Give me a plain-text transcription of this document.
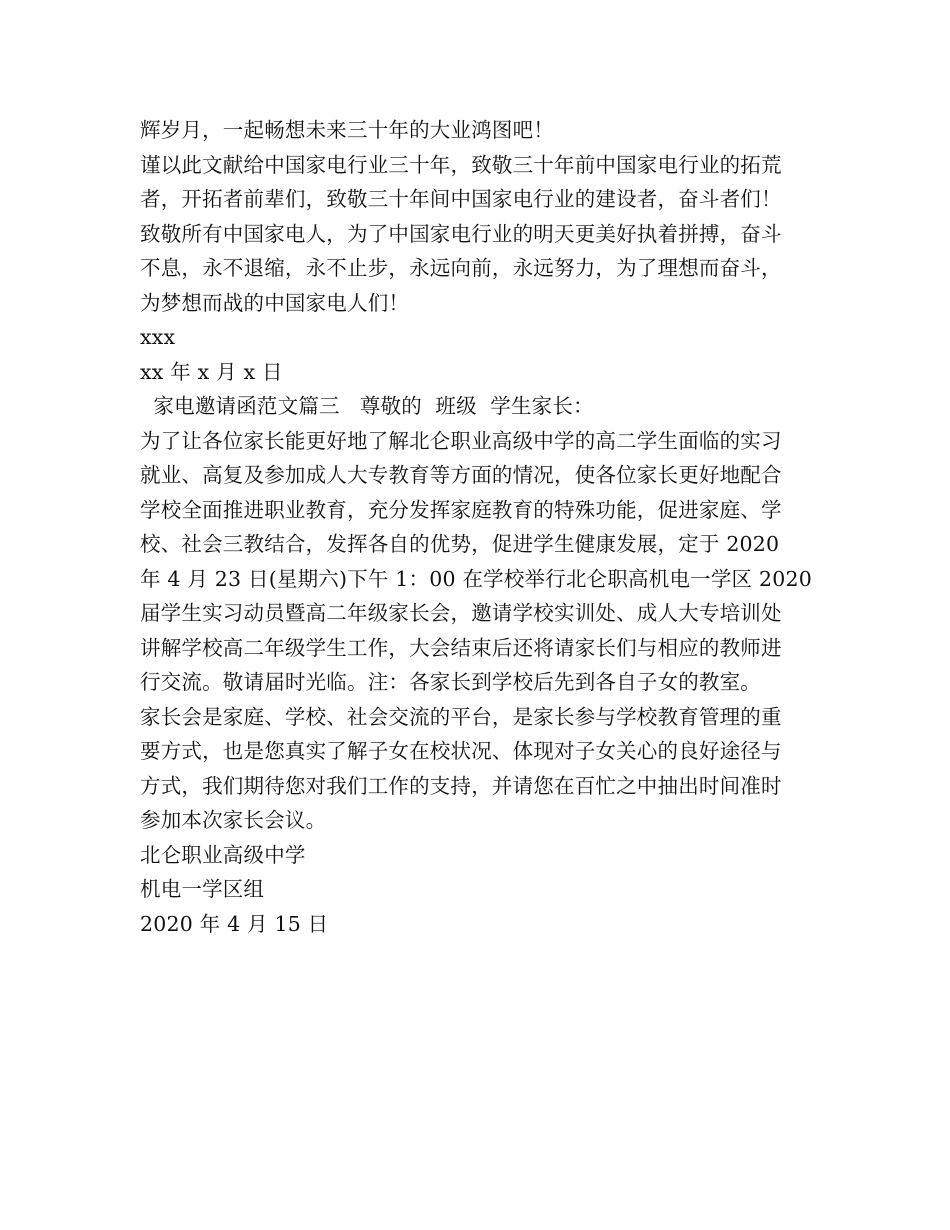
辉岁月，一起畅想未来三十年的大业鸿图吧！
谨以此文献给中国家电行业三十年，致敬三十年前中国家电行业的拓荒
者，开拓者前辈们，致敬三十年间中国家电行业的建设者，奋斗者们！
致敬所有中国家电人，为了中国家电行业的明天更美好执着拼搏，奋斗
不息，永不退缩，永不止步，永远向前，永远努力，为了理想而奋斗，
为梦想而战的中国家电人们！
xxx
xx 年 x 月 x 日
家电邀请函范文篇三   尊敬的  班级  学生家长：
为了让各位家长能更好地了解北仑职业高级中学的高二学生面临的实习
就业、高复及参加成人大专教育等方面的情况，使各位家长更好地配合
学校全面推进职业教育，充分发挥家庭教育的特殊功能，促进家庭、学
校、社会三教结合，发挥各自的优势，促进学生健康发展，定于 2020
年 4 月 23 日(星期六)下午 1：00 在学校举行北仑职高机电一学区 2020
届学生实习动员暨高二年级家长会，邀请学校实训处、成人大专培训处
讲解学校高二年级学生工作，大会结束后还将请家长们与相应的教师进
行交流。敬请届时光临。注：各家长到学校后先到各自子女的教室。
家长会是家庭、学校、社会交流的平台，是家长参与学校教育管理的重
要方式，也是您真实了解子女在校状况、体现对子女关心的良好途径与
方式，我们期待您对我们工作的支持，并请您在百忙之中抽出时间准时
参加本次家长会议。
北仑职业高级中学
机电一学区组
2020 年 4 月 15 日
